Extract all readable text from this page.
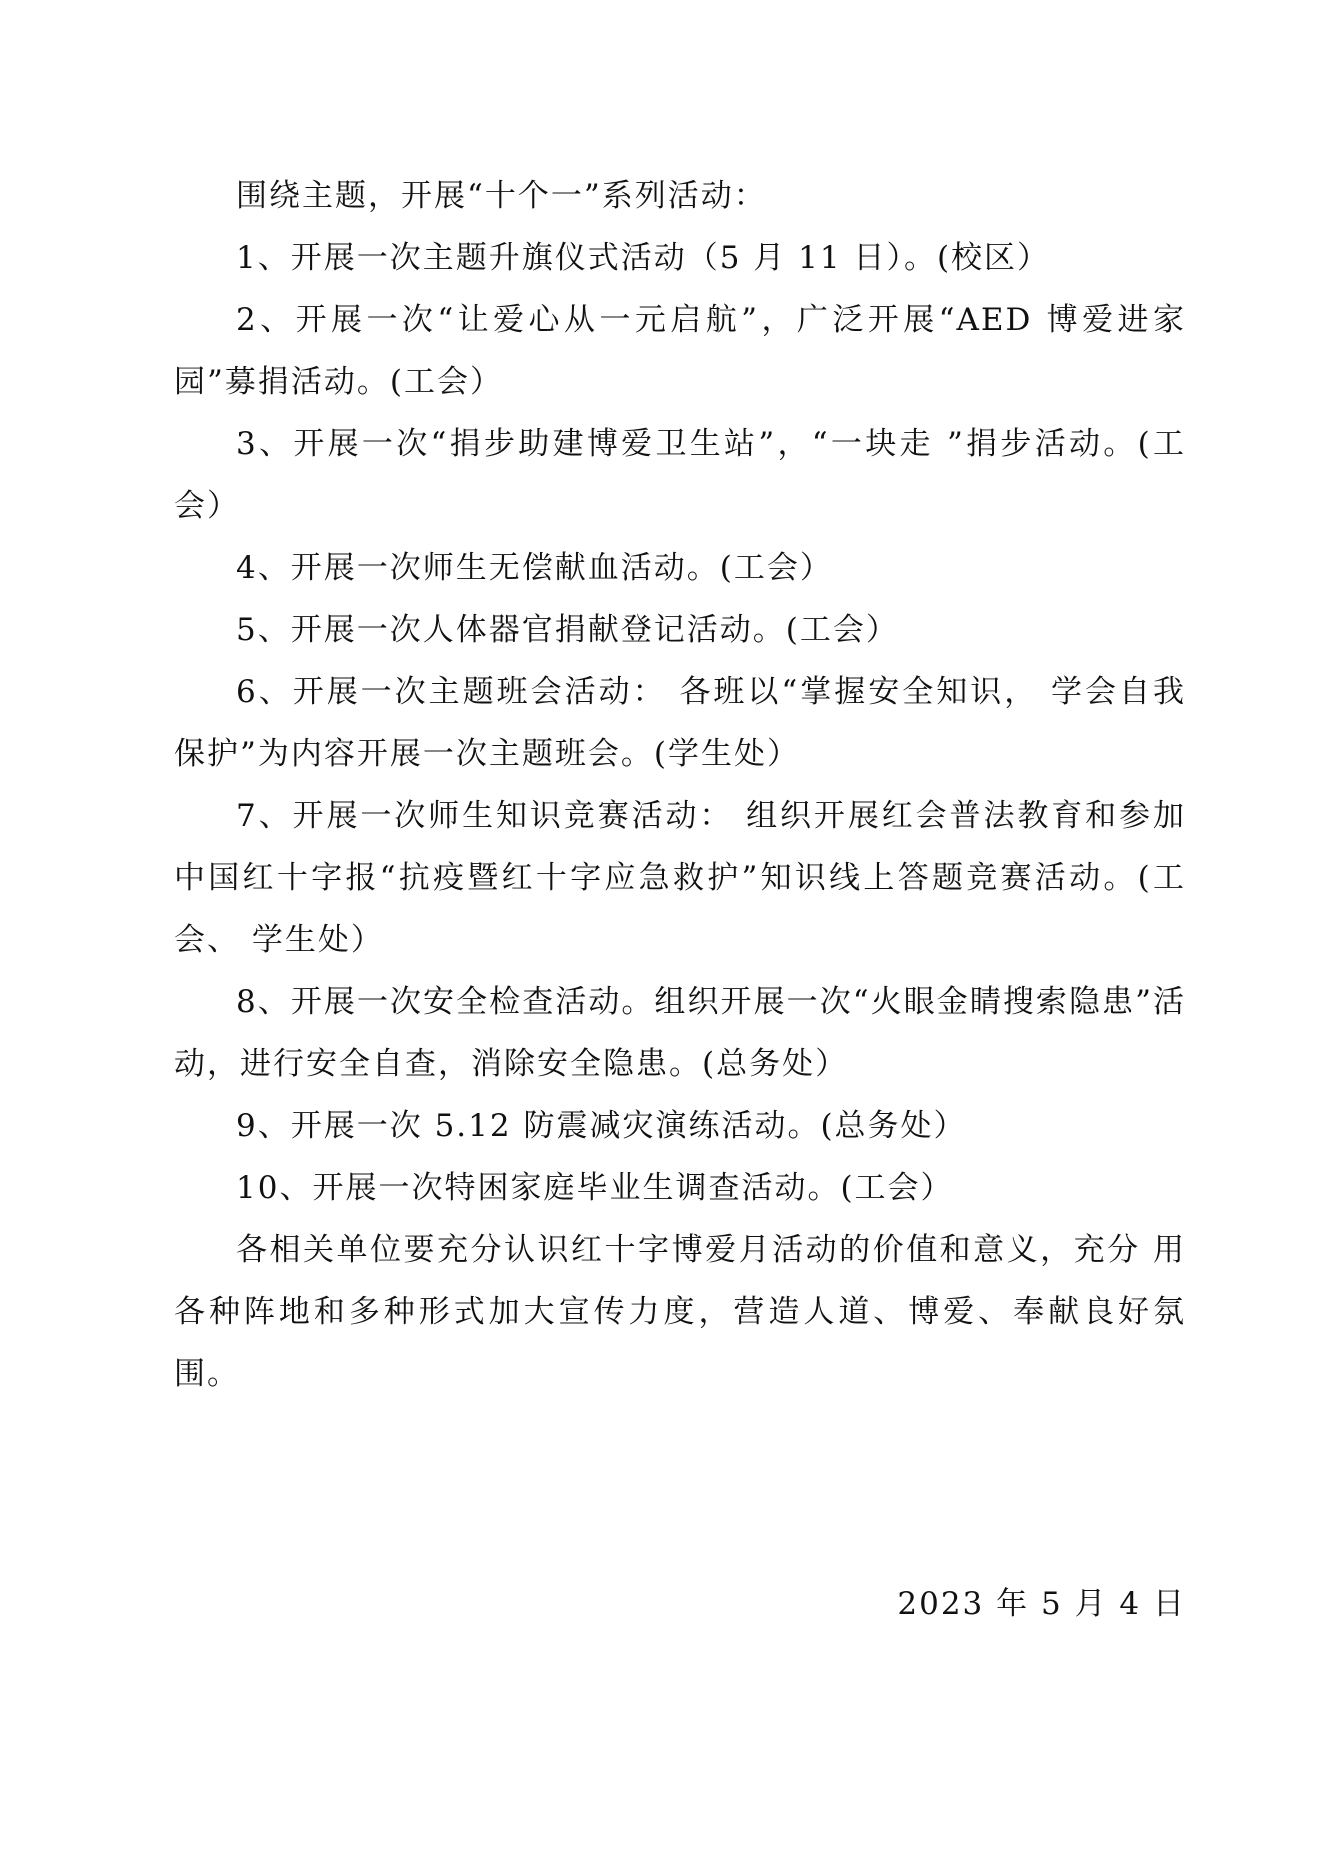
围绕主题，开展“十个一”系列活动：

1、开展一次主题升旗仪式活动（5 月 11 日）。(校区）

2、开展一次“让爱心从一元启航”，广泛开展“AED 博爱进家园”募捐活动。(工会）

3、开展一次“捐步助建博爱卫生站”，“一块走 ”捐步活动。(工会）

4、开展一次师生无偿献血活动。(工会）

5、开展一次人体器官捐献登记活动。(工会）

6、开展一次主题班会活动： 各班以“掌握安全知识， 学会自我保护”为内容开展一次主题班会。(学生处）

7、开展一次师生知识竞赛活动： 组织开展红会普法教育和参加 中国红十字报“抗疫暨红十字应急救护”知识线上答题竞赛活动。(工会、 学生处）

8、开展一次安全检查活动。组织开展一次“火眼金睛搜索隐患”活动，进行安全自查，消除安全隐患。(总务处）

9、开展一次 5.12 防震减灾演练活动。(总务处）

10、开展一次特困家庭毕业生调查活动。(工会）

各相关单位要充分认识红十字博爱月活动的价值和意义，充分 用各种阵地和多种形式加大宣传力度，营造人道、博爱、奉献良好氛围。

2023 年 5 月 4 日
